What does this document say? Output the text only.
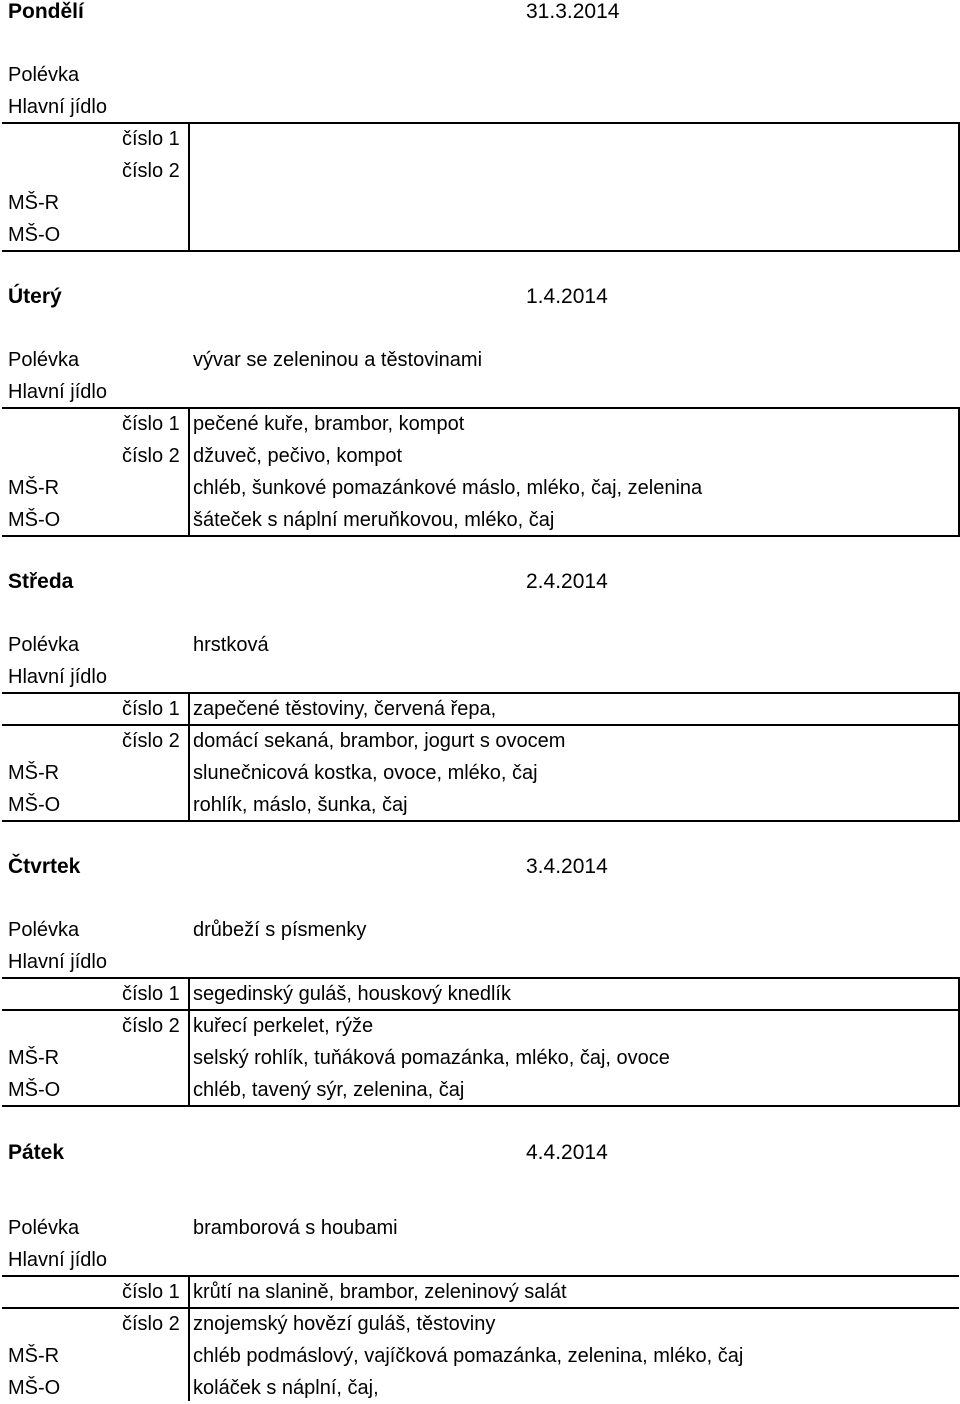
Pondělí	31.3.2014
Polévka
Hlavní jídlo
číslo 1
číslo 2
MŠ-R
MŠ-O
Úterý	1.4.2014
Polévka	vývar se zeleninou a těstovinami
Hlavní jídlo
číslo 1 pečené kuře, brambor, kompot
číslo 2 džuveč, pečivo, kompot
MŠ-R	chléb, šunkové pomazánkové máslo, mléko, čaj, zelenina
MŠ-O	šáteček s náplní meruňkovou, mléko, čaj
Středa	2.4.2014
Polévka	hrstková
Hlavní jídlo
číslo 1 zapečené těstoviny, červená řepa,
číslo 2 domácí sekaná, brambor, jogurt s ovocem
MŠ-R	slunečnicová kostka, ovoce, mléko, čaj
MŠ-O	rohlík, máslo, šunka, čaj
Čtvrtek	3.4.2014
Polévka	drůbeží s písmenky
Hlavní jídlo
číslo 1 segedinský guláš, houskový knedlík
číslo 2 kuřecí perkelet, rýže
MŠ-R	selský rohlík, tuňáková pomazánka, mléko, čaj, ovoce
MŠ-O	chléb, tavený sýr, zelenina, čaj
Pátek	4.4.2014
Polévka	bramborová s houbami
Hlavní jídlo
číslo 1 krůtí na slanině, brambor, zeleninový salát
číslo 2 znojemský hovězí guláš, těstoviny
MŠ-R	chléb podmáslový, vajíčková pomazánka, zelenina, mléko, čaj
MŠ-O	koláček s náplní, čaj,
